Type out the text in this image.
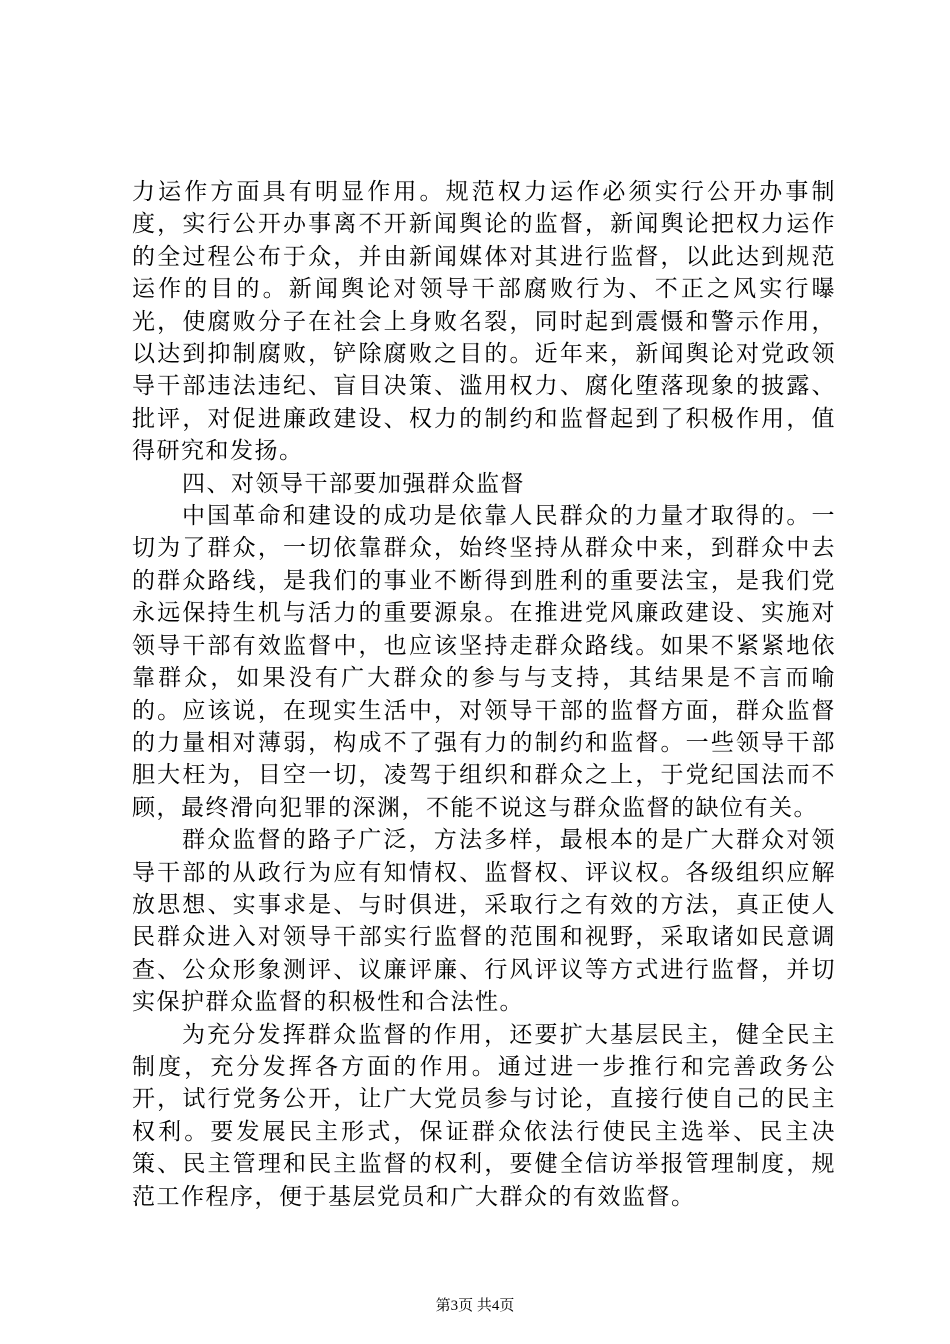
力运作方面具有明显作用。规范权力运作必须实行公开办事制度，实行公开办事离不开新闻舆论的监督，新闻舆论把权力运作的全过程公布于众，并由新闻媒体对其进行监督，以此达到规范运作的目的。新闻舆论对领导干部腐败行为、不正之风实行曝光，使腐败分子在社会上身败名裂，同时起到震慑和警示作用，以达到抑制腐败，铲除腐败之目的。近年来，新闻舆论对党政领导干部违法违纪、盲目决策、滥用权力、腐化堕落现象的披露、批评，对促进廉政建设、权力的制约和监督起到了积极作用，值得研究和发扬。

四、对领导干部要加强群众监督

中国革命和建设的成功是依靠人民群众的力量才取得的。一切为了群众，一切依靠群众，始终坚持从群众中来，到群众中去的群众路线，是我们的事业不断得到胜利的重要法宝，是我们党永远保持生机与活力的重要源泉。在推进党风廉政建设、实施对领导干部有效监督中，也应该坚持走群众路线。如果不紧紧地依靠群众，如果没有广大群众的参与与支持，其结果是不言而喻的。应该说，在现实生活中，对领导干部的监督方面，群众监督的力量相对薄弱，构成不了强有力的制约和监督。一些领导干部胆大枉为，目空一切，凌驾于组织和群众之上，于党纪国法而不顾，最终滑向犯罪的深渊，不能不说这与群众监督的缺位有关。

群众监督的路子广泛，方法多样，最根本的是广大群众对领导干部的从政行为应有知情权、监督权、评议权。各级组织应解放思想、实事求是、与时俱进，采取行之有效的方法，真正使人民群众进入对领导干部实行监督的范围和视野，采取诸如民意调查、公众形象测评、议廉评廉、行风评议等方式进行监督，并切实保护群众监督的积极性和合法性。

为充分发挥群众监督的作用，还要扩大基层民主，健全民主制度，充分发挥各方面的作用。通过进一步推行和完善政务公开，试行党务公开，让广大党员参与讨论，直接行使自己的民主权利。要发展民主形式，保证群众依法行使民主选举、民主决策、民主管理和民主监督的权利，要健全信访举报管理制度，规范工作程序，便于基层党员和广大群众的有效监督。

第3页 共4页
